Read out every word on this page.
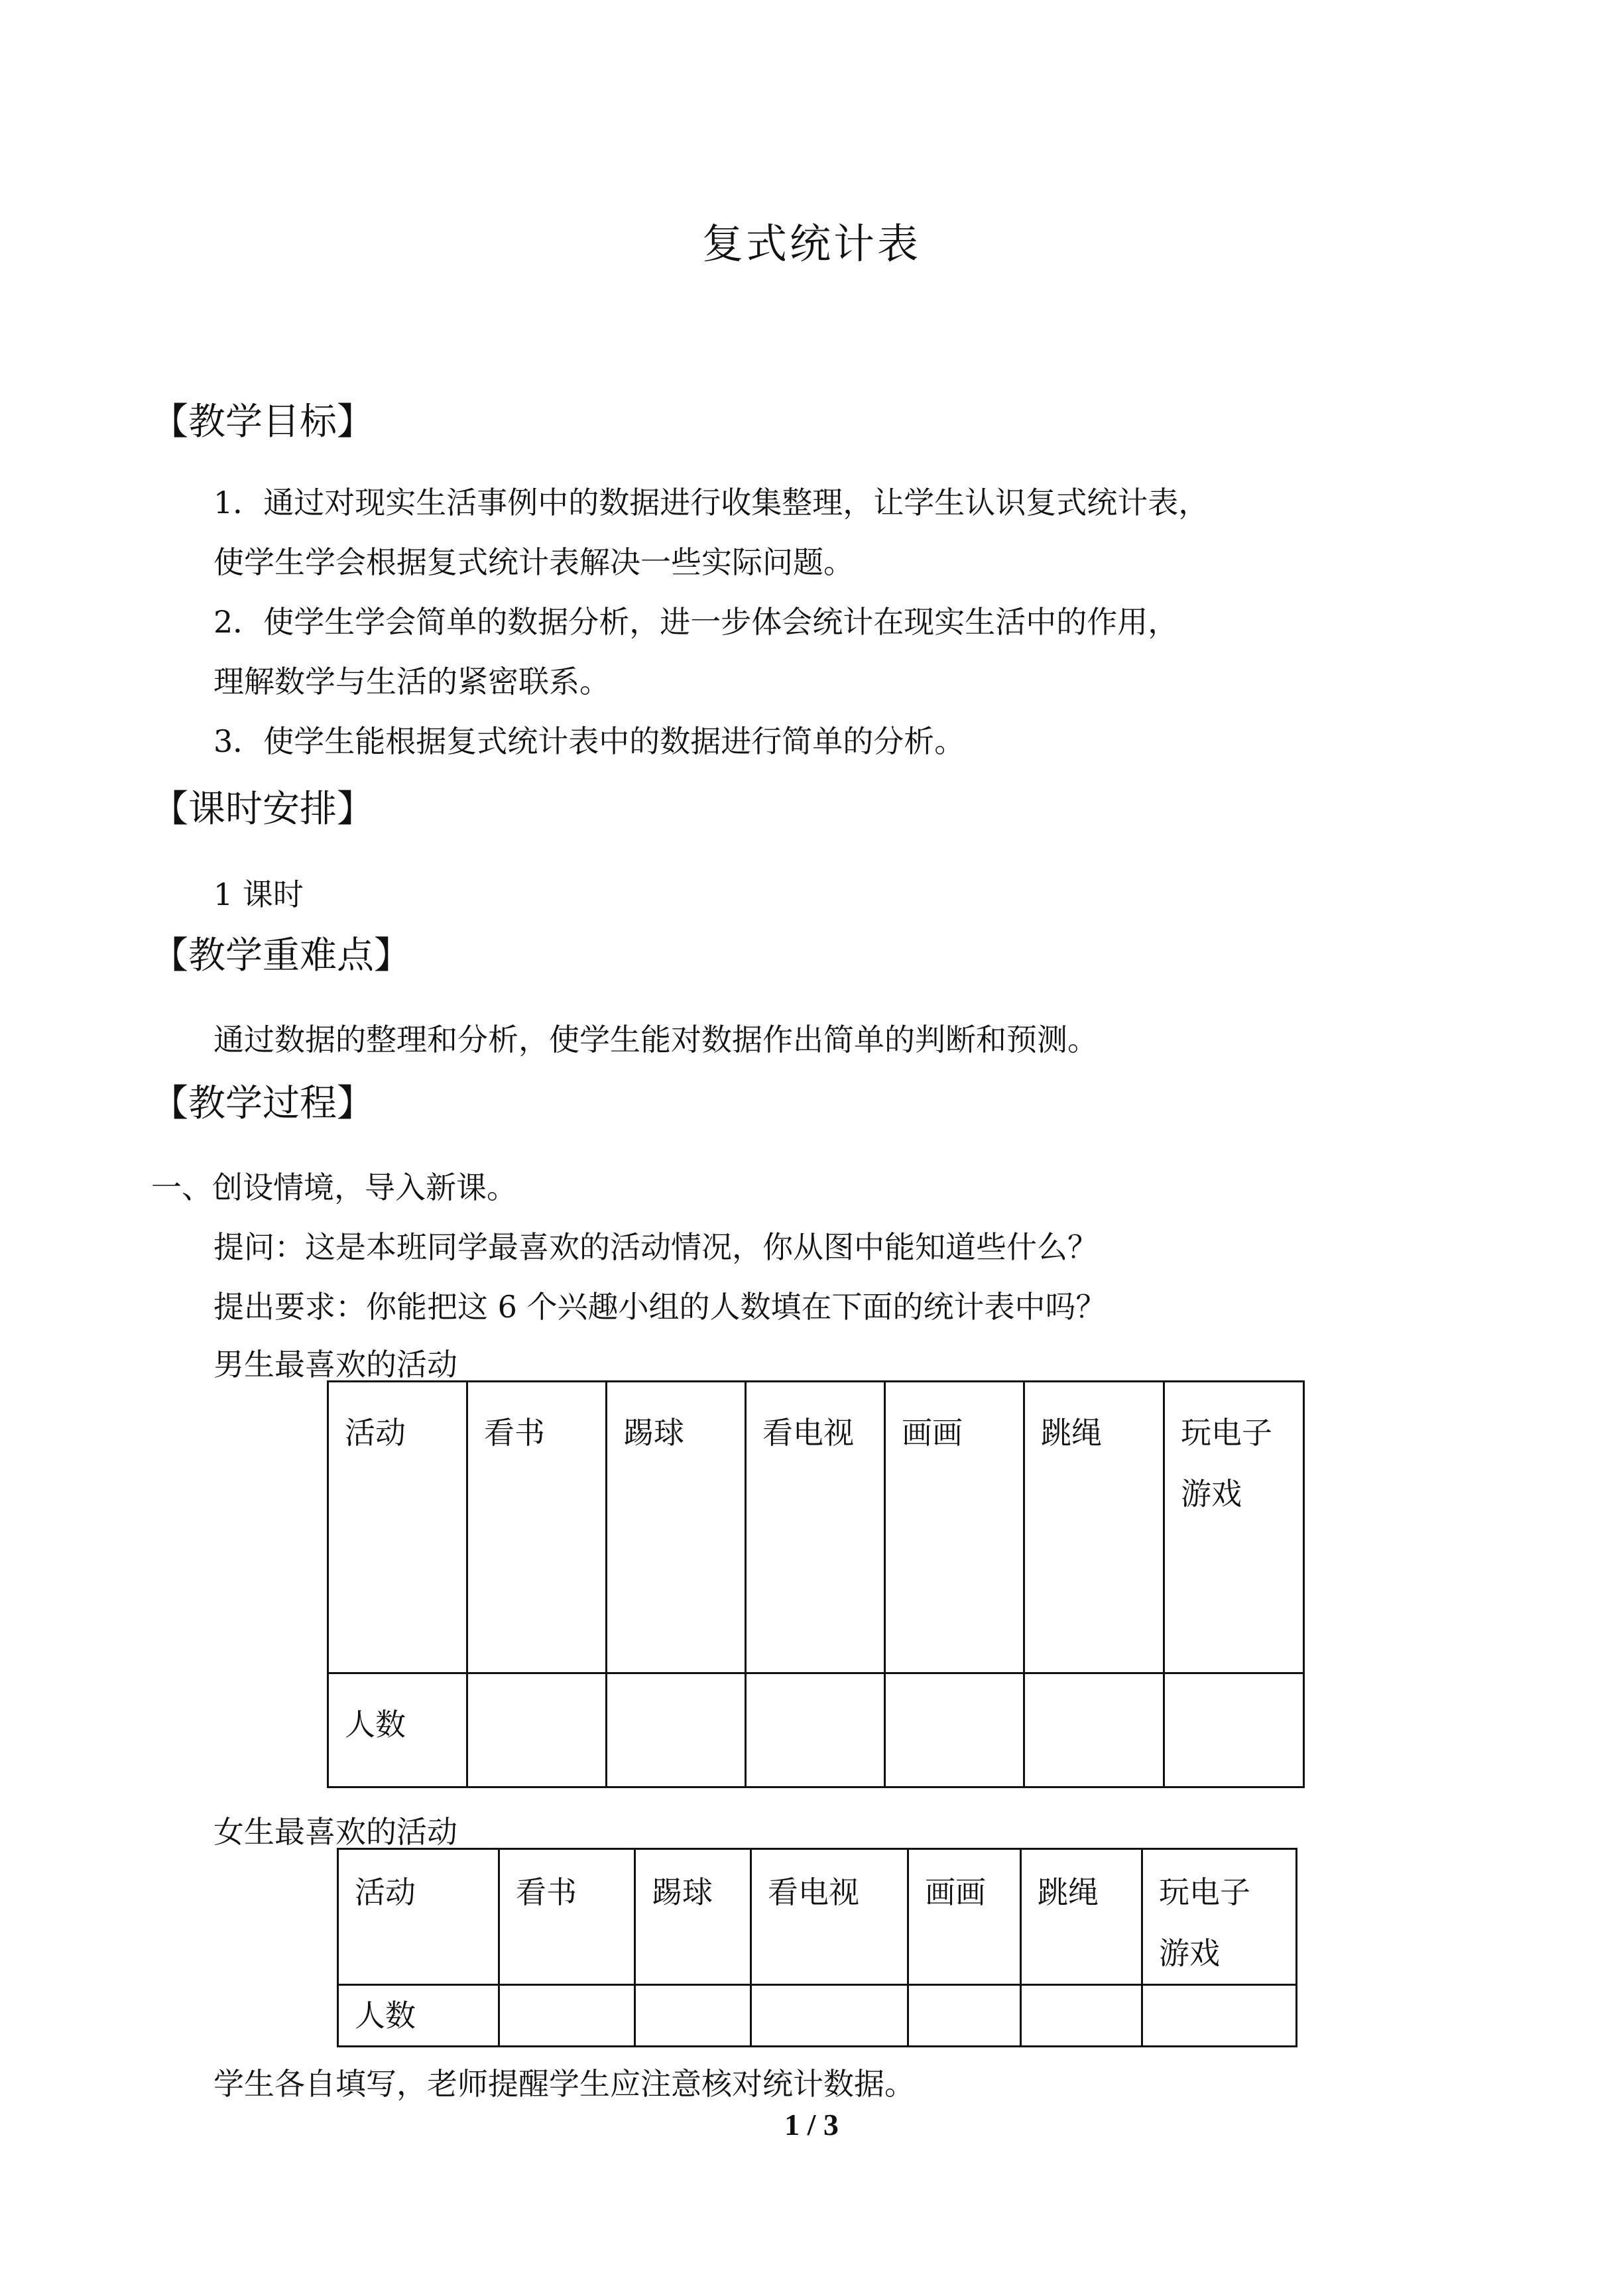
复式统计表
【教学目标】
1．通过对现实生活事例中的数据进行收集整理，让学生认识复式统计表，
使学生学会根据复式统计表解决一些实际问题。
2．使学生学会简单的数据分析，进一步体会统计在现实生活中的作用，
理解数学与生活的紧密联系。
3．使学生能根据复式统计表中的数据进行简单的分析。
【课时安排】
1 课时
【教学重难点】
通过数据的整理和分析，使学生能对数据作出简单的判断和预测。
【教学过程】
一、创设情境，导入新课。
提问：这是本班同学最喜欢的活动情况，你从图中能知道些什么？
提出要求：你能把这 6 个兴趣小组的人数填在下面的统计表中吗？
男生最喜欢的活动
活动	看书	踢球	看电视	画画	跳绳	玩电子游戏

人数						
女生最喜欢的活动
活动	看书	踢球	看电视	画画	跳绳	玩电子游戏

人数						
学生各自填写，老师提醒学生应注意核对统计数据。
1 / 3
